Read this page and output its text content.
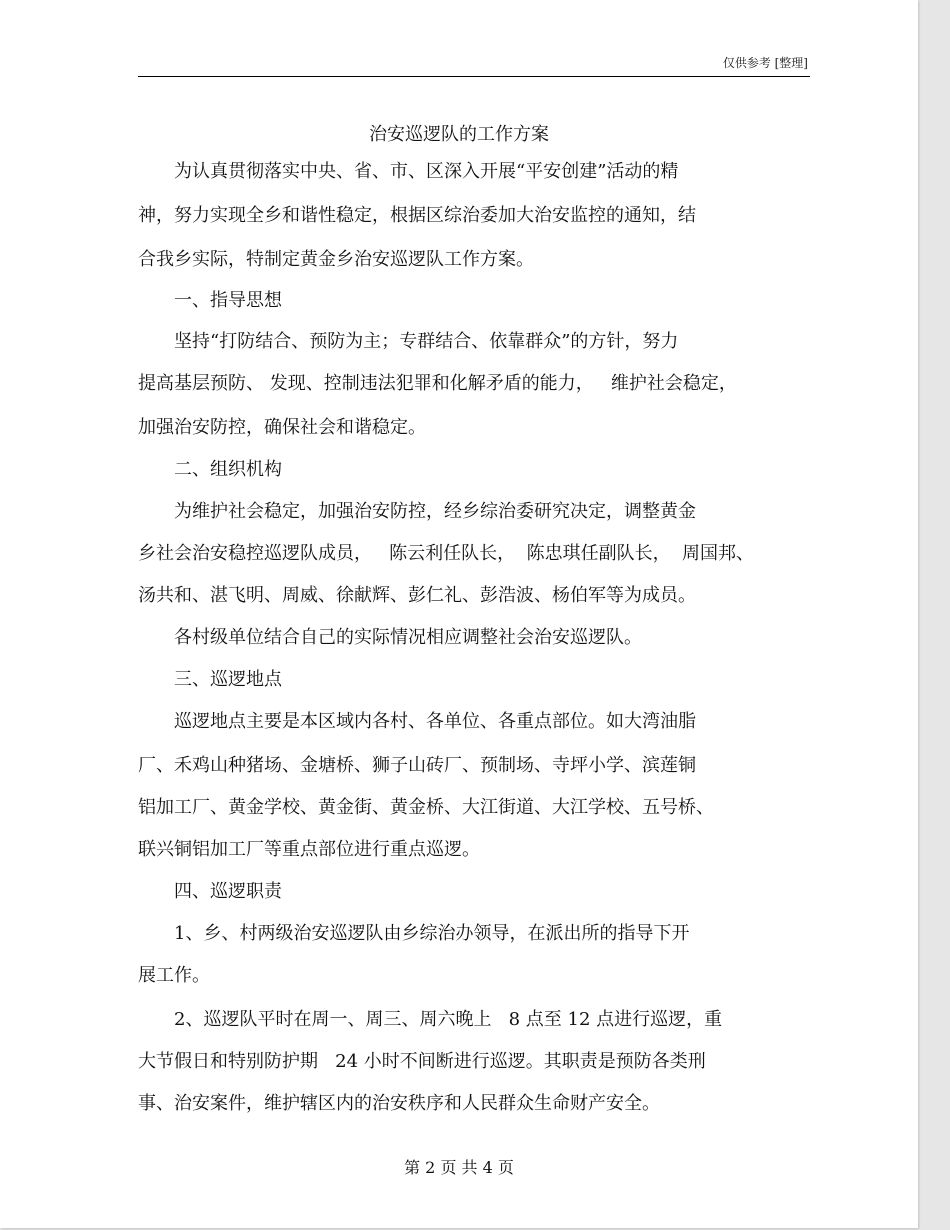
仅供参考 [整理]
治安巡逻队的工作方案
　　为认真贯彻落实中央、省、市、区深入开展“平安创建”活动的精
神，努力实现全乡和谐性稳定，根据区综治委加大治安监控的通知，结
合我乡实际，特制定黄金乡治安巡逻队工作方案。
　　一、指导思想
　　坚持“打防结合、预防为主；专群结合、依靠群众”的方针，努力
提高基层预防、 发现、控制违法犯罪和化解矛盾的能力，   维护社会稳定，
加强治安防控，确保社会和谐稳定。
　　二、组织机构
　　为维护社会稳定，加强治安防控，经乡综治委研究决定，调整黄金
乡社会治安稳控巡逻队成员，   陈云利任队长，  陈忠琪任副队长，  周国邦、
汤共和、湛飞明、周威、徐献辉、彭仁礼、彭浩波、杨伯军等为成员。
　　各村级单位结合自己的实际情况相应调整社会治安巡逻队。
　　三、巡逻地点
　　巡逻地点主要是本区域内各村、各单位、各重点部位。如大湾油脂
厂、禾鸡山种猪场、金塘桥、狮子山砖厂、预制场、寺坪小学、滨莲铜
铝加工厂、黄金学校、黄金街、黄金桥、大江街道、大江学校、五号桥、
联兴铜铝加工厂等重点部位进行重点巡逻。
　　四、巡逻职责
　　1、乡、村两级治安巡逻队由乡综治办领导，在派出所的指导下开
展工作。
　　2、巡逻队平时在周一、周三、周六晚上   8 点至 12 点进行巡逻，重
大节假日和特别防护期   24 小时不间断进行巡逻。其职责是预防各类刑
事、治安案件，维护辖区内的治安秩序和人民群众生命财产安全。
第 2 页 共 4 页
